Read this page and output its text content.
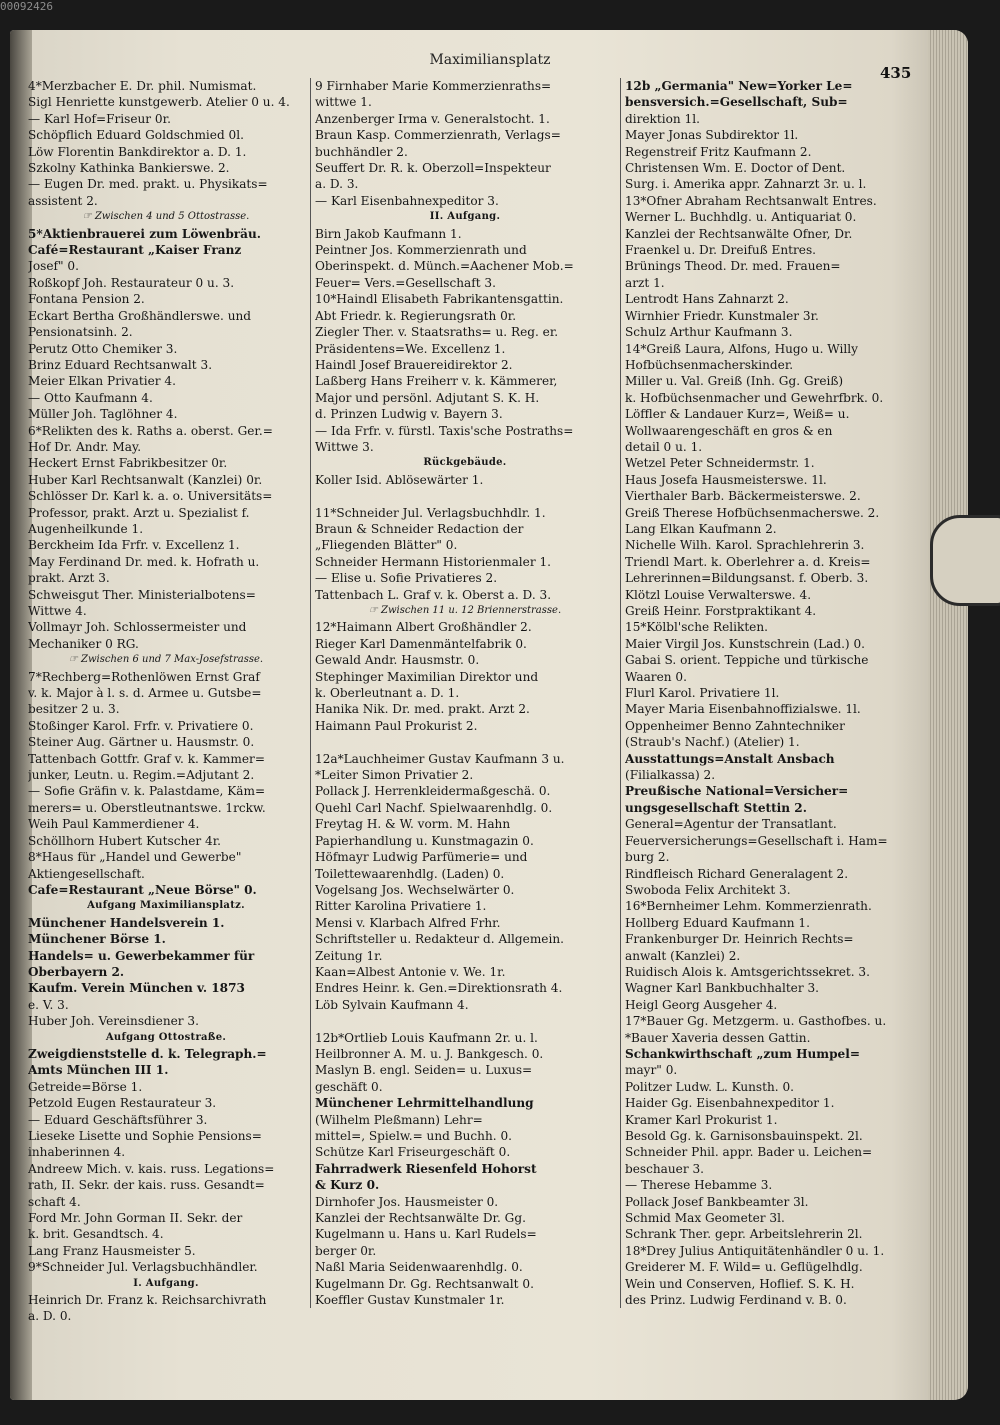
00092426
Maximiliansplatz
435
4*Merzbacher E. Dr. phil. Numismat.
Sigl Henriette kunstgewerb. Atelier 0 u. 4.
— Karl Hof=Friseur 0r.
Schöpflich Eduard Goldschmied 0l.
Löw Florentin Bankdirektor a. D. 1.
Szkolny Kathinka Bankierswe. 2.
— Eugen Dr. med. prakt. u. Physikats=
assistent 2.
☞ Zwischen 4 und 5 Ottostrasse.
5*Aktienbrauerei zum Löwenbräu.
Café=Restaurant „Kaiser Franz
Josef" 0.
Roßkopf Joh. Restaurateur 0 u. 3.
Fontana Pension 2.
Eckart Bertha Großhändlerswe. und
Pensionatsinh. 2.
Perutz Otto Chemiker 3.
Brinz Eduard Rechtsanwalt 3.
Meier Elkan Privatier 4.
— Otto Kaufmann 4.
Müller Joh. Taglöhner 4.
6*Relikten des k. Raths a. oberst. Ger.=
Hof Dr. Andr. May.
Heckert Ernst Fabrikbesitzer 0r.
Huber Karl Rechtsanwalt (Kanzlei) 0r.
Schlösser Dr. Karl k. a. o. Universitäts=
Professor, prakt. Arzt u. Spezialist f.
Augenheilkunde 1.
Berckheim Ida Frfr. v. Excellenz 1.
May Ferdinand Dr. med. k. Hofrath u.
prakt. Arzt 3.
Schweisgut Ther. Ministerialbotens=
Wittwe 4.
Vollmayr Joh. Schlossermeister und
Mechaniker 0 RG.
☞ Zwischen 6 und 7 Max-Josefstrasse.
7*Rechberg=Rothenlöwen Ernst Graf
v. k. Major à l. s. d. Armee u. Gutsbe=
besitzer 2 u. 3.
Stoßinger Karol. Frfr. v. Privatiere 0.
Steiner Aug. Gärtner u. Hausmstr. 0.
Tattenbach Gottfr. Graf v. k. Kammer=
junker, Leutn. u. Regim.=Adjutant 2.
— Sofie Gräfin v. k. Palastdame, Käm=
merers= u. Oberstleutnantswe. 1rckw.
Weih Paul Kammerdiener 4.
Schöllhorn Hubert Kutscher 4r.
8*Haus für „Handel und Gewerbe"
Aktiengesellschaft.
Cafe=Restaurant „Neue Börse" 0.
Aufgang Maximiliansplatz.
Münchener Handelsverein 1.
Münchener Börse 1.
Handels= u. Gewerbekammer für
Oberbayern 2.
Kaufm. Verein München v. 1873
e. V. 3.
Huber Joh. Vereinsdiener 3.
Aufgang Ottostraße.
Zweigdienststelle d. k. Telegraph.=
Amts München III 1.
Getreide=Börse 1.
Petzold Eugen Restaurateur 3.
— Eduard Geschäftsführer 3.
Lieseke Lisette und Sophie Pensions=
inhaberinnen 4.
Andreew Mich. v. kais. russ. Legations=
rath, II. Sekr. der kais. russ. Gesandt=
schaft 4.
Ford Mr. John Gorman II. Sekr. der
k. brit. Gesandtsch. 4.
Lang Franz Hausmeister 5.
9*Schneider Jul. Verlagsbuchhändler.
I. Aufgang.
Heinrich Dr. Franz k. Reichsarchivrath
a. D. 0.
9 Firnhaber Marie Kommerzienraths=
wittwe 1.
Anzenberger Irma v. Generalstocht. 1.
Braun Kasp. Commerzienrath, Verlags=
buchhändler 2.
Seuffert Dr. R. k. Oberzoll=Inspekteur
a. D. 3.
— Karl Eisenbahnexpeditor 3.
II. Aufgang.
Birn Jakob Kaufmann 1.
Peintner Jos. Kommerzienrath und
Oberinspekt. d. Münch.=Aachener Mob.=
Feuer= Vers.=Gesellschaft 3.
10*Haindl Elisabeth Fabrikantensgattin.
Abt Friedr. k. Regierungsrath 0r.
Ziegler Ther. v. Staatsraths= u. Reg. er.
Präsidentens=We. Excellenz 1.
Haindl Josef Brauereidirektor 2.
Laßberg Hans Freiherr v. k. Kämmerer,
Major und persönl. Adjutant S. K. H.
d. Prinzen Ludwig v. Bayern 3.
— Ida Frfr. v. fürstl. Taxis'sche Postraths=
Wittwe 3.
Rückgebäude.
Koller Isid. Ablösewärter 1.

11*Schneider Jul. Verlagsbuchhdlr. 1.
Braun & Schneider Redaction der
„Fliegenden Blätter" 0.
Schneider Hermann Historienmaler 1.
— Elise u. Sofie Privatieres 2.
Tattenbach L. Graf v. k. Oberst a. D. 3.
☞ Zwischen 11 u. 12 Briennerstrasse.
12*Haimann Albert Großhändler 2.
Rieger Karl Damenmäntelfabrik 0.
Gewald Andr. Hausmstr. 0.
Stephinger Maximilian Direktor und
k. Oberleutnant a. D. 1.
Hanika Nik. Dr. med. prakt. Arzt 2.
Haimann Paul Prokurist 2.

12a*Lauchheimer Gustav Kaufmann 3 u.
*Leiter Simon Privatier 2.
Pollack J. Herrenkleidermaßgeschä. 0.
Quehl Carl Nachf. Spielwaarenhdlg. 0.
Freytag H. & W. vorm. M. Hahn
Papierhandlung u. Kunstmagazin 0.
Höfmayr Ludwig Parfümerie= und
Toilettewaarenhdlg. (Laden) 0.
Vogelsang Jos. Wechselwärter 0.
Ritter Karolina Privatiere 1.
Mensi v. Klarbach Alfred Frhr.
Schriftsteller u. Redakteur d. Allgemein.
Zeitung 1r.
Kaan=Albest Antonie v. We. 1r.
Endres Heinr. k. Gen.=Direktionsrath 4.
Löb Sylvain Kaufmann 4.

12b*Ortlieb Louis Kaufmann 2r. u. l.
Heilbronner A. M. u. J. Bankgesch. 0.
Maslyn B. engl. Seiden= u. Luxus=
geschäft 0.
Münchener Lehrmittelhandlung
(Wilhelm Pleßmann) Lehr=
mittel=, Spielw.= und Buchh. 0.
Schütze Karl Friseurgeschäft 0.
Fahrradwerk Riesenfeld Hohorst
& Kurz 0.
Dirnhofer Jos. Hausmeister 0.
Kanzlei der Rechtsanwälte Dr. Gg.
Kugelmann u. Hans u. Karl Rudels=
berger 0r.
Naßl Maria Seidenwaarenhdlg. 0.
Kugelmann Dr. Gg. Rechtsanwalt 0.
Koeffler Gustav Kunstmaler 1r.
12b „Germania" New=Yorker Le=
bensversich.=Gesellschaft, Sub=
direktion 1l.
Mayer Jonas Subdirektor 1l.
Regenstreif Fritz Kaufmann 2.
Christensen Wm. E. Doctor of Dent.
Surg. i. Amerika appr. Zahnarzt 3r. u. l.
13*Ofner Abraham Rechtsanwalt Entres.
Werner L. Buchhdlg. u. Antiquariat 0.
Kanzlei der Rechtsanwälte Ofner, Dr.
Fraenkel u. Dr. Dreifuß Entres.
Brünings Theod. Dr. med. Frauen=
arzt 1.
Lentrodt Hans Zahnarzt 2.
Wirnhier Friedr. Kunstmaler 3r.
Schulz Arthur Kaufmann 3.
14*Greiß Laura, Alfons, Hugo u. Willy
Hofbüchsenmacherskinder.
Miller u. Val. Greiß (Inh. Gg. Greiß)
k. Hofbüchsenmacher und Gewehrfbrk. 0.
Löffler & Landauer Kurz=, Weiß= u.
Wollwaarengeschäft en gros & en
detail 0 u. 1.
Wetzel Peter Schneidermstr. 1.
Haus Josefa Hausmeisterswe. 1l.
Vierthaler Barb. Bäckermeisterswe. 2.
Greiß Therese Hofbüchsenmacherswe. 2.
Lang Elkan Kaufmann 2.
Nichelle Wilh. Karol. Sprachlehrerin 3.
Triendl Mart. k. Oberlehrer a. d. Kreis=
Lehrerinnen=Bildungsanst. f. Oberb. 3.
Klötzl Louise Verwalterswe. 4.
Greiß Heinr. Forstpraktikant 4.
15*Kölbl'sche Relikten.
Maier Virgil Jos. Kunstschrein (Lad.) 0.
Gabai S. orient. Teppiche und türkische
Waaren 0.
Flurl Karol. Privatiere 1l.
Mayer Maria Eisenbahnoffizialswe. 1l.
Oppenheimer Benno Zahntechniker
(Straub's Nachf.) (Atelier) 1.
Ausstattungs=Anstalt Ansbach
(Filialkassa) 2.
Preußische National=Versicher=
ungsgesellschaft Stettin 2.
General=Agentur der Transatlant.
Feuerversicherungs=Gesellschaft i. Ham=
burg 2.
Rindfleisch Richard Generalagent 2.
Swoboda Felix Architekt 3.
16*Bernheimer Lehm. Kommerzienrath.
Hollberg Eduard Kaufmann 1.
Frankenburger Dr. Heinrich Rechts=
anwalt (Kanzlei) 2.
Ruidisch Alois k. Amtsgerichtssekret. 3.
Wagner Karl Bankbuchhalter 3.
Heigl Georg Ausgeher 4.
17*Bauer Gg. Metzgerm. u. Gasthofbes. u.
*Bauer Xaveria dessen Gattin.
Schankwirthschaft „zum Humpel=
mayr" 0.
Politzer Ludw. L. Kunsth. 0.
Haider Gg. Eisenbahnexpeditor 1.
Kramer Karl Prokurist 1.
Besold Gg. k. Garnisonsbauinspekt. 2l.
Schneider Phil. appr. Bader u. Leichen=
beschauer 3.
— Therese Hebamme 3.
Pollack Josef Bankbeamter 3l.
Schmid Max Geometer 3l.
Schrank Ther. gepr. Arbeitslehrerin 2l.
18*Drey Julius Antiquitätenhändler 0 u. 1.
Greiderer M. F. Wild= u. Geflügelhdlg.
Wein und Conserven, Hoflief. S. K. H.
des Prinz. Ludwig Ferdinand v. B. 0.
